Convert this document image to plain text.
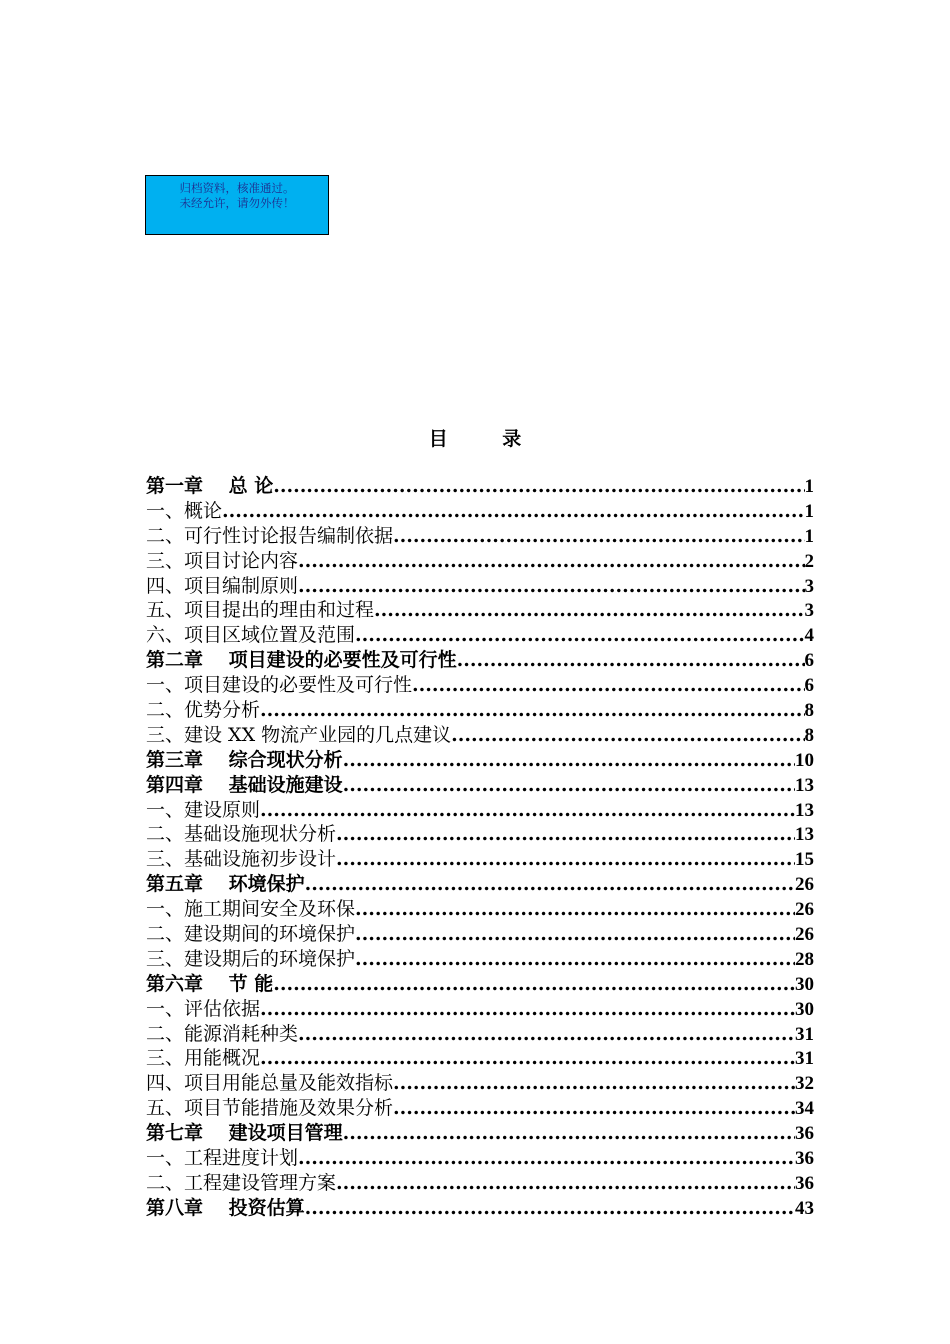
归档资料，核准通过。
未经允许，请勿外传！
目 录
第一章　 总 论 .....	1
一、概论 .....	1
二、可行性讨论报告编制依据 .....	1
三、项目讨论内容 .....	2
四、项目编制原则 .....	3
五、项目提出的理由和过程 .....	3
六、项目区域位置及范围 .....	4
第二章　 项目建设的必要性及可行性 .....	6
一、项目建设的必要性及可行性 .....	6
二、优势分析 .....	8
三、建设 XX 物流产业园的几点建议 .....	8
第三章　 综合现状分析 .....	10
第四章　 基础设施建设 .....	13
一、建设原则 .....	13
二、基础设施现状分析 .....	13
三、基础设施初步设计 .....	15
第五章　 环境保护 .....	26
一、施工期间安全及环保 .....	26
二、建设期间的环境保护 .....	26
三、建设期后的环境保护 .....	28
第六章　 节 能 .....	30
一、评估依据 .....	30
二、能源消耗种类 .....	31
三、用能概况 .....	31
四、项目用能总量及能效指标 .....	32
五、项目节能措施及效果分析 .....	34
第七章　 建设项目管理 .....	36
一、工程进度计划 .....	36
二、工程建设管理方案 .....	36
第八章　 投资估算 .....	43
